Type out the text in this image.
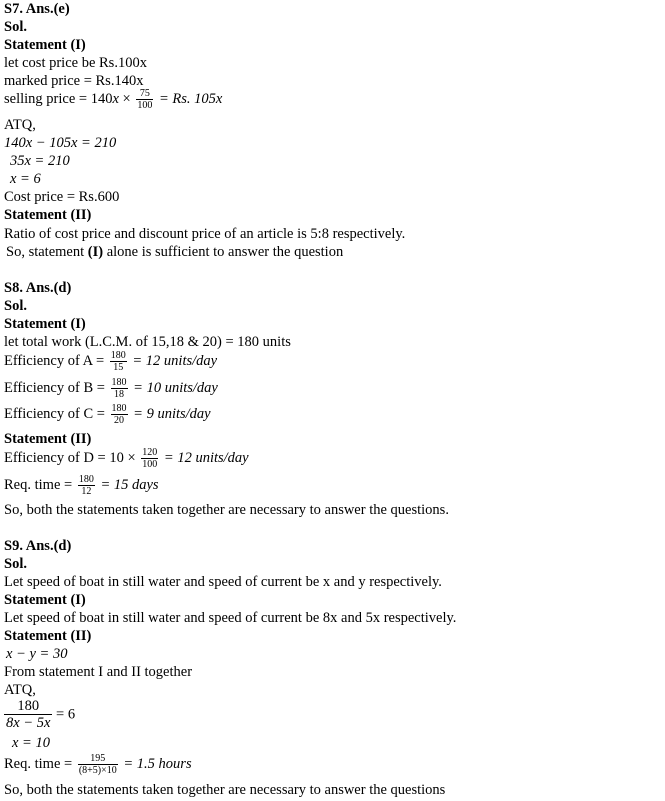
S7. Ans.(e)
Sol.
Statement (I)
let cost price be Rs.100x
marked price = Rs.140x
selling price = $140x \times \frac{75}{100} = Rs$. 105x
ATQ,
140x − 105x = 210
35x = 210
x = 6
Cost price = Rs.600
Statement (II)
Ratio of cost price and discount price of an article is 5:8 respectively.
So, statement (I) alone is sufficient to answer the question
S8. Ans.(d)
Sol.
Statement (I)
let total work (L.C.M. of 15,18 & 20) = 180 units
Efficiency of $A = \frac{180}{15} = 12$ units/day
Efficiency of $B = \frac{180}{18} = 10$ units/day
Efficiency of $C = \frac{180}{20} = 9$ units/day
Statement (II)
Efficiency of $D = 10 \times \frac{120}{100} = 12$ units/day
Req. time = $\frac{180}{12} = 15$ days
So, both the statements taken together are necessary to answer the questions.
S9. Ans.(d)
Sol.
Let speed of boat in still water and speed of current be x and y respectively.
Statement (I)
Let speed of boat in still water and speed of current be 8x and 5x respectively.
Statement (II)
x − y = 30
From statement I and II together
ATQ,
$\frac{180}{8x - 5x} = 6$
x = 10
Req. time = $\frac{195}{(8+5)\times 10} = 1.5$ hours
So, both the statements taken together are necessary to answer the questions
